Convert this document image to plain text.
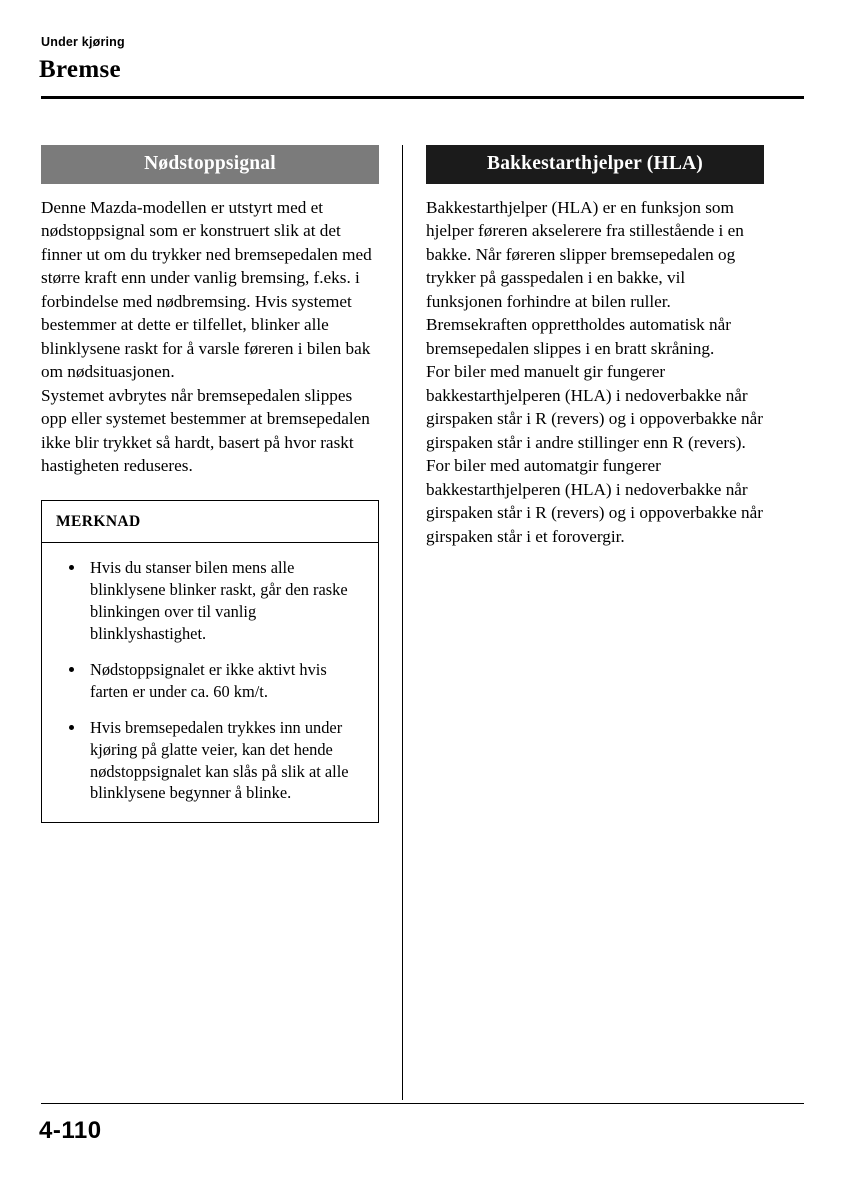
Under kjøring
Bremse
Nødstoppsignal

Denne Mazda-modellen er utstyrt med et nødstoppsignal som er konstruert slik at det finner ut om du trykker ned bremsepedalen med større kraft enn under vanlig bremsing, f.eks. i forbindelse med nødbremsing. Hvis systemet bestemmer at dette er tilfellet, blinker alle blinklysene raskt for å varsle føreren i bilen bak om nødsituasjonen.

Systemet avbrytes når bremsepedalen slippes opp eller systemet bestemmer at bremsepedalen ikke blir trykket så hardt, basert på hvor raskt hastigheten reduseres.

MERKNAD
• Hvis du stanser bilen mens alle blinklysene blinker raskt, går den raske blinkingen over til vanlig blinklyshastighet.
• Nødstoppsignalet er ikke aktivt hvis farten er under ca. 60 km/t.
• Hvis bremsepedalen trykkes inn under kjøring på glatte veier, kan det hende nødstoppsignalet kan slås på slik at alle blinklysene begynner å blinke.
Bakkestarthjelper (HLA)

Bakkestarthjelper (HLA) er en funksjon som hjelper føreren akselerere fra stillestående i en bakke. Når føreren slipper bremsepedalen og trykker på gasspedalen i en bakke, vil funksjonen forhindre at bilen ruller.

Bremsekraften opprettholdes automatisk når bremsepedalen slippes i en bratt skråning.

For biler med manuelt gir fungerer bakkestarthjelperen (HLA) i nedoverbakke når girspaken står i R (revers) og i oppoverbakke når girspaken står i andre stillinger enn R (revers).

For biler med automatgir fungerer bakkestarthjelperen (HLA) i nedoverbakke når girspaken står i R (revers) og i oppoverbakke når girspaken står i et forovergir.

4-110
